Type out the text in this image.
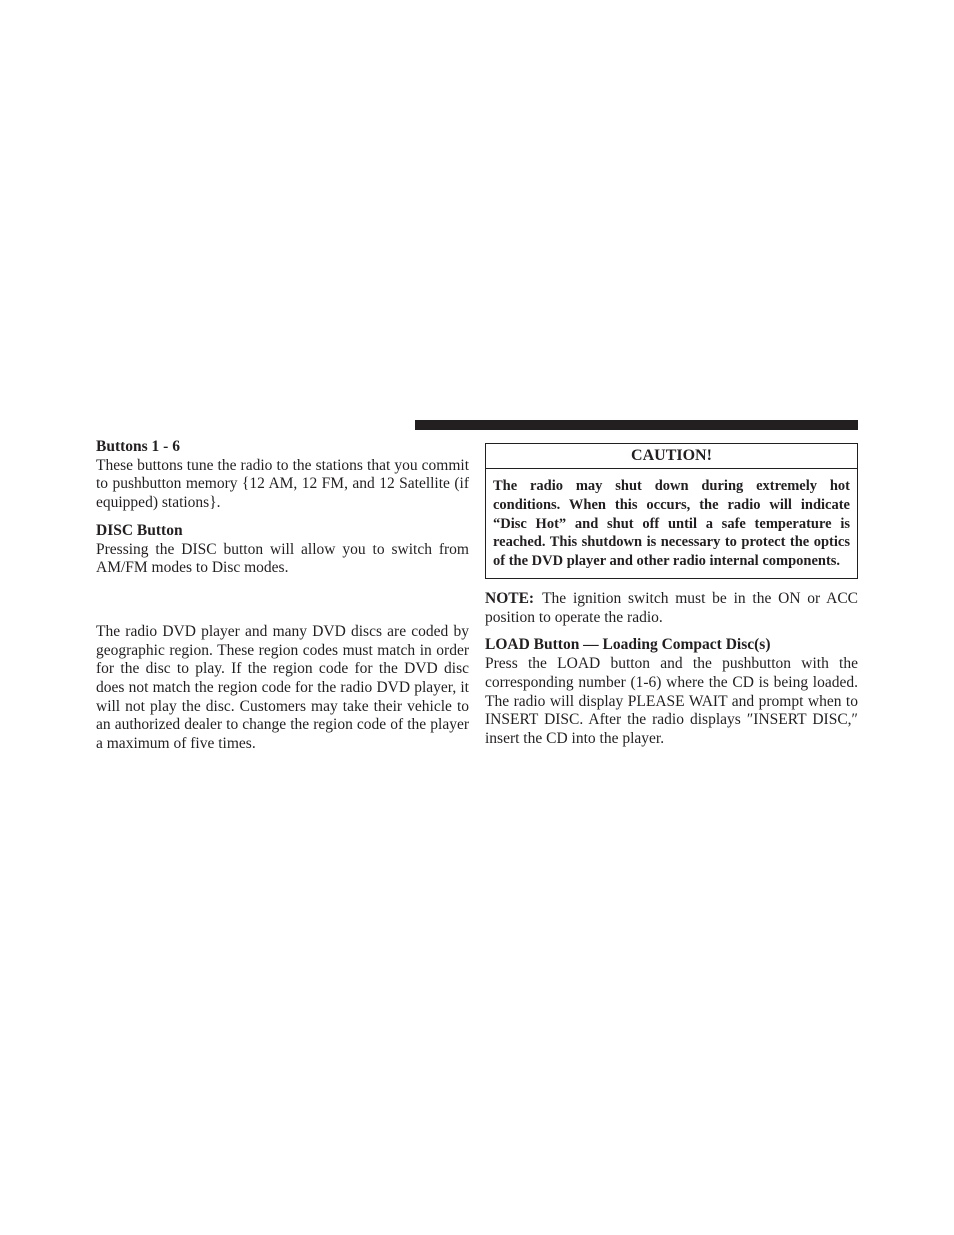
Buttons 1 - 6

These buttons tune the radio to the stations that you commit to pushbutton memory {12 AM, 12 FM, and 12 Satellite (if equipped) stations}.

DISC Button

Pressing the DISC button will allow you to switch from AM/FM modes to Disc modes.

The radio DVD player and many DVD discs are coded by geographic region. These region codes must match in order for the disc to play. If the region code for the DVD disc does not match the region code for the radio DVD player, it will not play the disc. Customers may take their vehicle to an authorized dealer to change the region code of the player a maximum of five times.

CAUTION!
The radio may shut down during extremely hot conditions. When this occurs, the radio will indicate “Disc Hot” and shut off until a safe temperature is reached. This shutdown is necessary to protect the optics of the DVD player and other radio internal components.

NOTE: The ignition switch must be in the ON or ACC position to operate the radio.

LOAD Button — Loading Compact Disc(s)

Press the LOAD button and the pushbutton with the corresponding number (1-6) where the CD is being loaded. The radio will display PLEASE WAIT and prompt when to INSERT DISC. After the radio displays ″INSERT DISC,″ insert the CD into the player.
